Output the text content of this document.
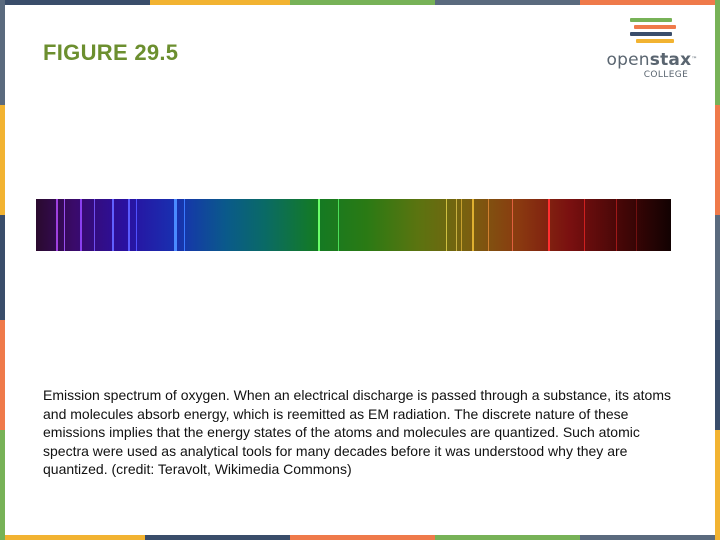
FIGURE 29.5	openstax™
COLLEGE
Emission spectrum of oxygen. When an electrical discharge is passed through a substance, its atoms and molecules absorb energy, which is reemitted as EM radiation. The discrete nature of these emissions implies that the energy states of the atoms and molecules are quantized. Such atomic spectra were used as analytical tools for many decades before it was understood why they are quantized. (credit: Teravolt, Wikimedia Commons)
